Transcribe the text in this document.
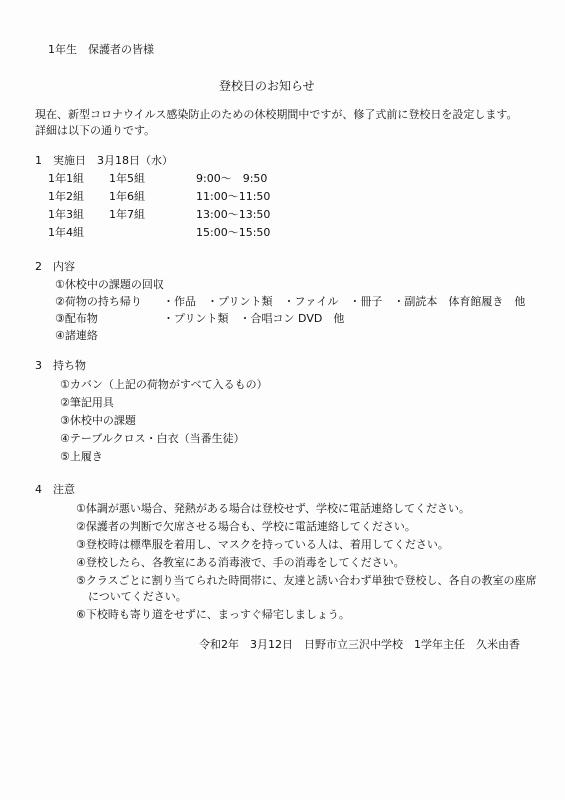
1年生　保護者の皆様
登校日のお知らせ
現在、新型コロナウイルス感染防止のための休校期間中ですが、修了式前に登校日を設定します。
詳細は以下の通りです。
1　実施日　3月18日（水）
1年1組 1年5組	9:00～　9:50
1年2組 1年6組	11:00～11:50
1年3組 1年7組	13:00～13:50
1年4組	15:00～15:50
2　内容
①休校中の課題の回収
②荷物の持ち帰り ・作品　・プリント類　・ファイル　・冊子　・副読本　体育館履き　他
③配布物	・プリント類　・合唱コン DVD　他
④諸連絡
3　持ち物
①カバン（上記の荷物がすべて入るもの）
②筆記用具
③休校中の課題
④テーブルクロス・白衣（当番生徒）
⑤上履き
4　注意
①体調が悪い場合、発熱がある場合は登校せず、学校に電話連絡してください。
②保護者の判断で欠席させる場合も、学校に電話連絡してください。
③登校時は標準服を着用し、マスクを持っている人は、着用してください。
④登校したら、各教室にある消毒液で、手の消毒をしてください。
⑤クラスごとに割り当てられた時間帯に、友達と誘い合わず単独で登校し、各自の教室の座席
についてください。
⑥下校時も寄り道をせずに、まっすぐ帰宅しましょう。
令和2年　3月12日　日野市立三沢中学校　1学年主任　久米由香
